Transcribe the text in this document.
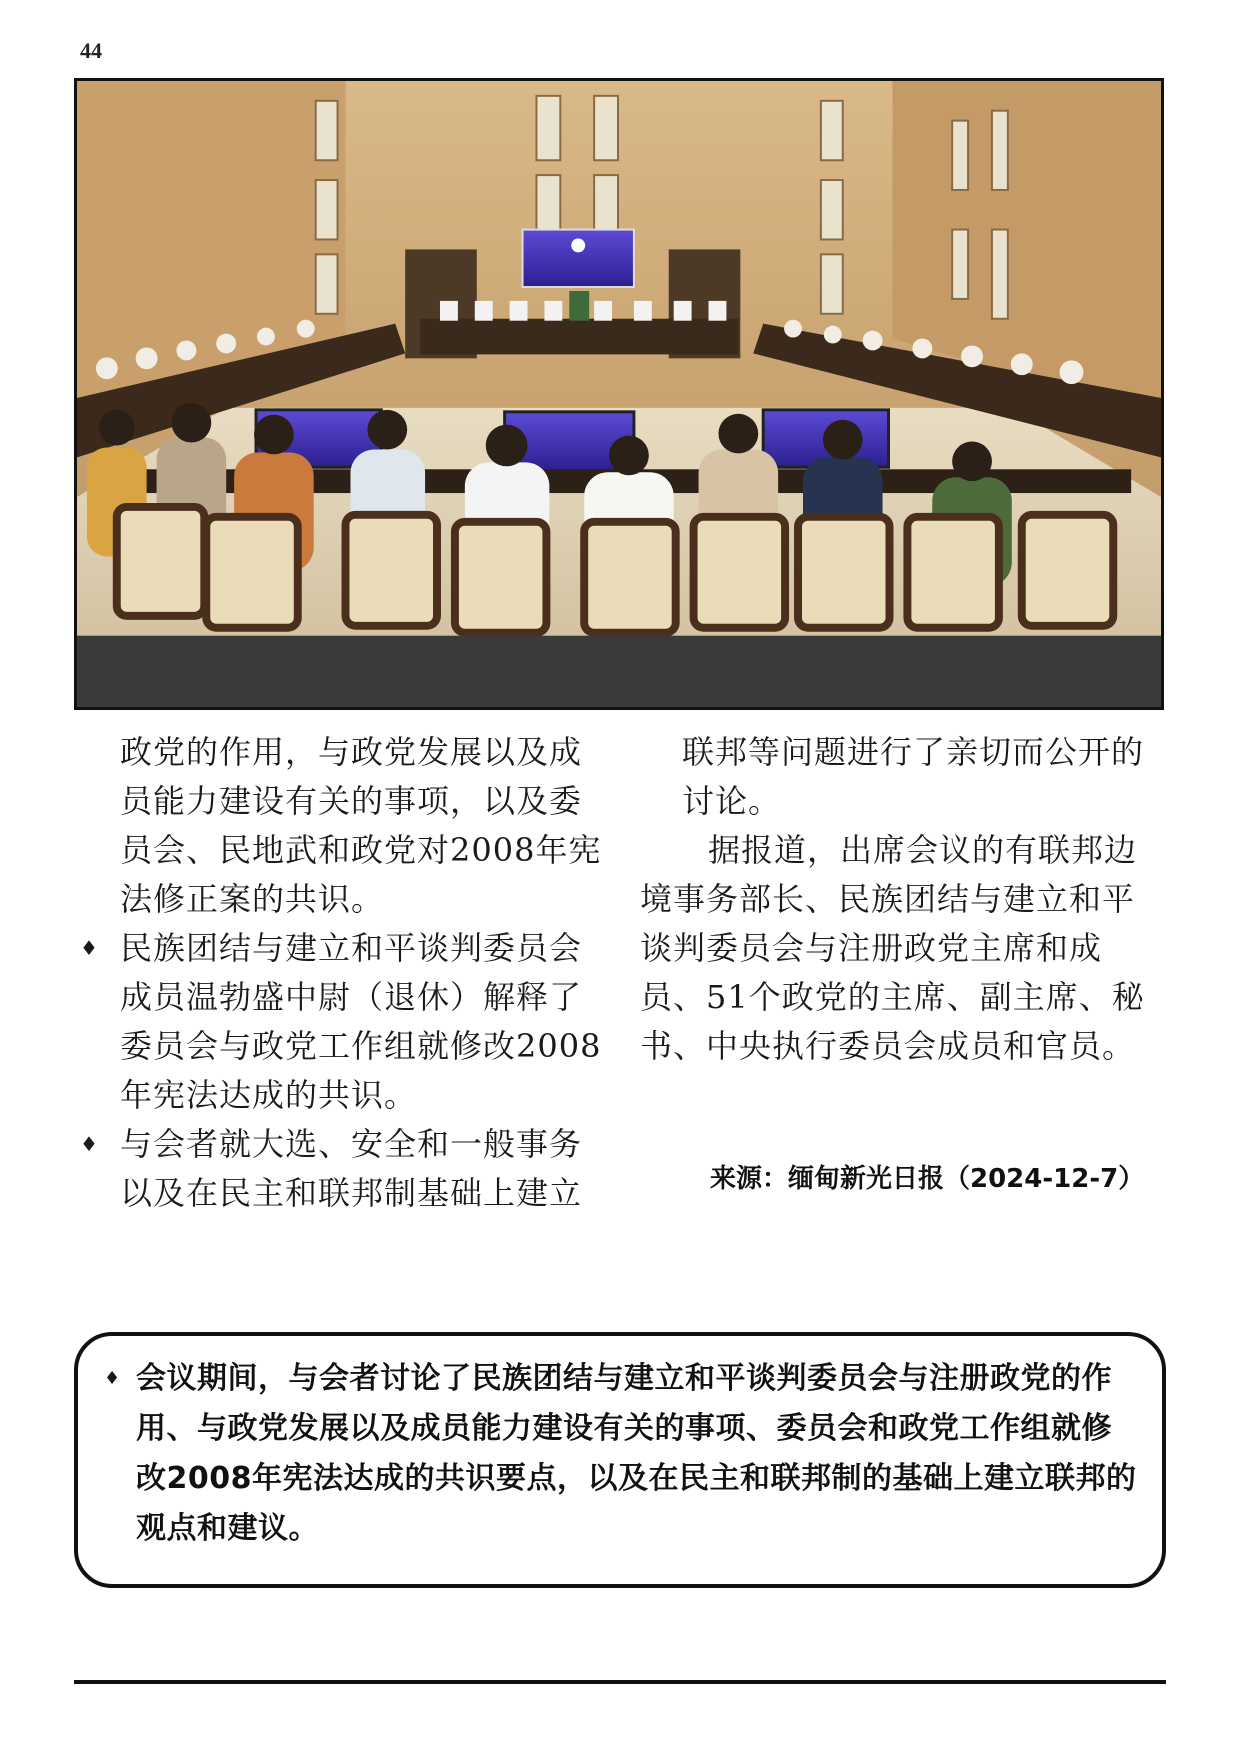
44

政党的作用，与政党发展以及成员能力建设有关的事项，以及委员会、民地武和政党对2008年宪法修正案的共识。

♦ 民族团结与建立和平谈判委员会成员温勃盛中尉（退休）解释了委员会与政党工作组就修改2008年宪法达成的共识。

♦ 与会者就大选、安全和一般事务以及在民主和联邦制基础上建立

联邦等问题进行了亲切而公开的讨论。

据报道，出席会议的有联邦边境事务部长、民族团结与建立和平谈判委员会与注册政党主席和成员、51个政党的主席、副主席、秘书、中央执行委员会成员和官员。

来源：缅甸新光日报（2024-12-7）
♦ 会议期间，与会者讨论了民族团结与建立和平谈判委员会与注册政党的作用、与政党发展以及成员能力建设有关的事项、委员会和政党工作组就修改2008年宪法达成的共识要点，以及在民主和联邦制的基础上建立联邦的观点和建议。
